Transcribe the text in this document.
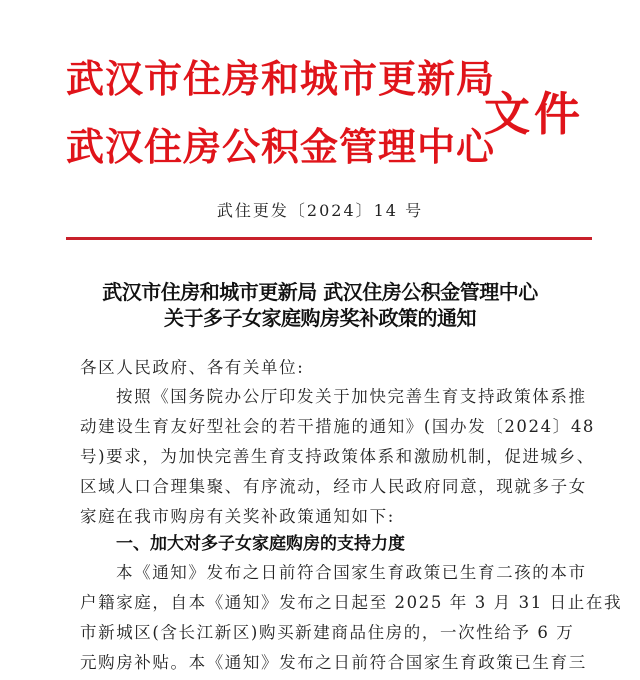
武汉市住房和城市更新局
武汉住房公积金管理中心
文件
武住更发〔2024〕14 号
武汉市住房和城市更新局 武汉住房公积金管理中心
关于多子女家庭购房奖补政策的通知
各区人民政府、各有关单位:
按照《国务院办公厅印发关于加快完善生育支持政策体系推
动建设生育友好型社会的若干措施的通知》(国办发〔2024〕48
号)要求，为加快完善生育支持政策体系和激励机制，促进城乡、
区域人口合理集聚、有序流动，经市人民政府同意，现就多子女
家庭在我市购房有关奖补政策通知如下:
一、加大对多子女家庭购房的支持力度
本《通知》发布之日前符合国家生育政策已生育二孩的本市
户籍家庭，自本《通知》发布之日起至 2025 年 3 月 31 日止在我
市新城区(含长江新区)购买新建商品住房的，一次性给予 6 万
元购房补贴。本《通知》发布之日前符合国家生育政策已生育三
